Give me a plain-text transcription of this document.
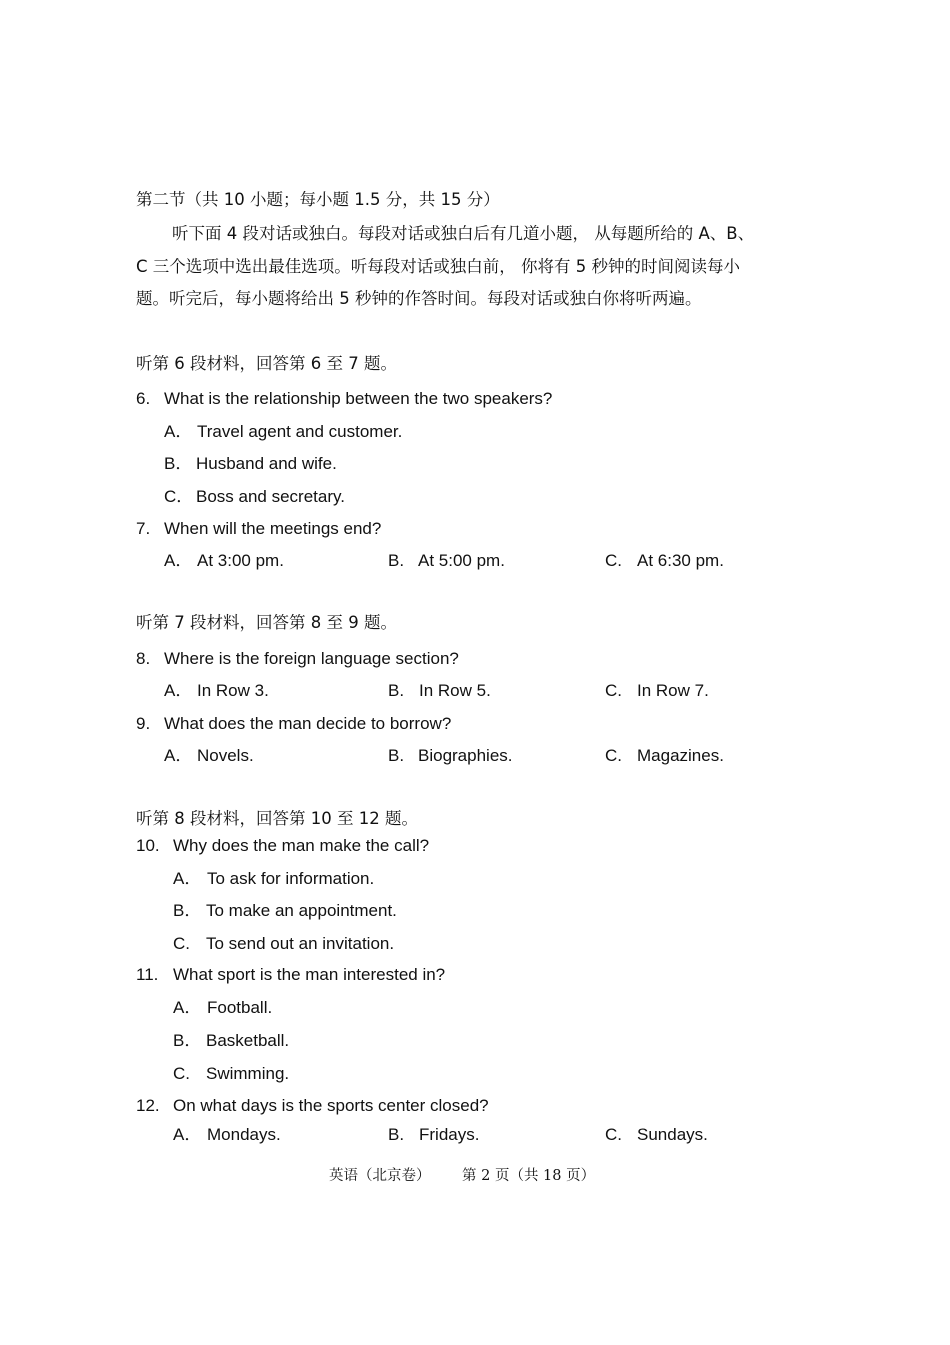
第二节（共 10 小题；每小题 1.5 分，共 15 分）
听下面 4 段对话或独白。每段对话或独白后有几道小题， 从每题所给的 A、B、
C 三个选项中选出最佳选项。听每段对话或独白前， 你将有 5 秒钟的时间阅读每小
题。听完后，每小题将给出 5 秒钟的作答时间。每段对话或独白你将听两遍。
听第 6 段材料，回答第 6 至 7 题。
6. What is the relationship between the two speakers?
A． Travel agent and customer.
B． Husband and wife.
C． Boss and secretary.
7. When will the meetings end?
A． At 3:00 pm.	B. At 5:00 pm.	C. At 6:30 pm.
听第 7 段材料，回答第 8 至 9 题。
8. Where is the foreign language section?
A． In Row 3.	B. In Row 5.	C. In Row 7.
9. What does the man decide to borrow?
A． Novels.	B. Biographies.	C. Magazines.
听第 8 段材料，回答第 10 至 12 题。
10. Why does the man make the call?
A． To ask for information.
B． To make an appointment.
C. To send out an invitation.
11. What sport is the man interested in?
A． Football.
B． Basketball.
C. Swimming.
12. On what days is the sports center closed?
A． Mondays.	B. Fridays.	C. Sundays.
英语（北京卷） 第 2 页（共 18 页）
